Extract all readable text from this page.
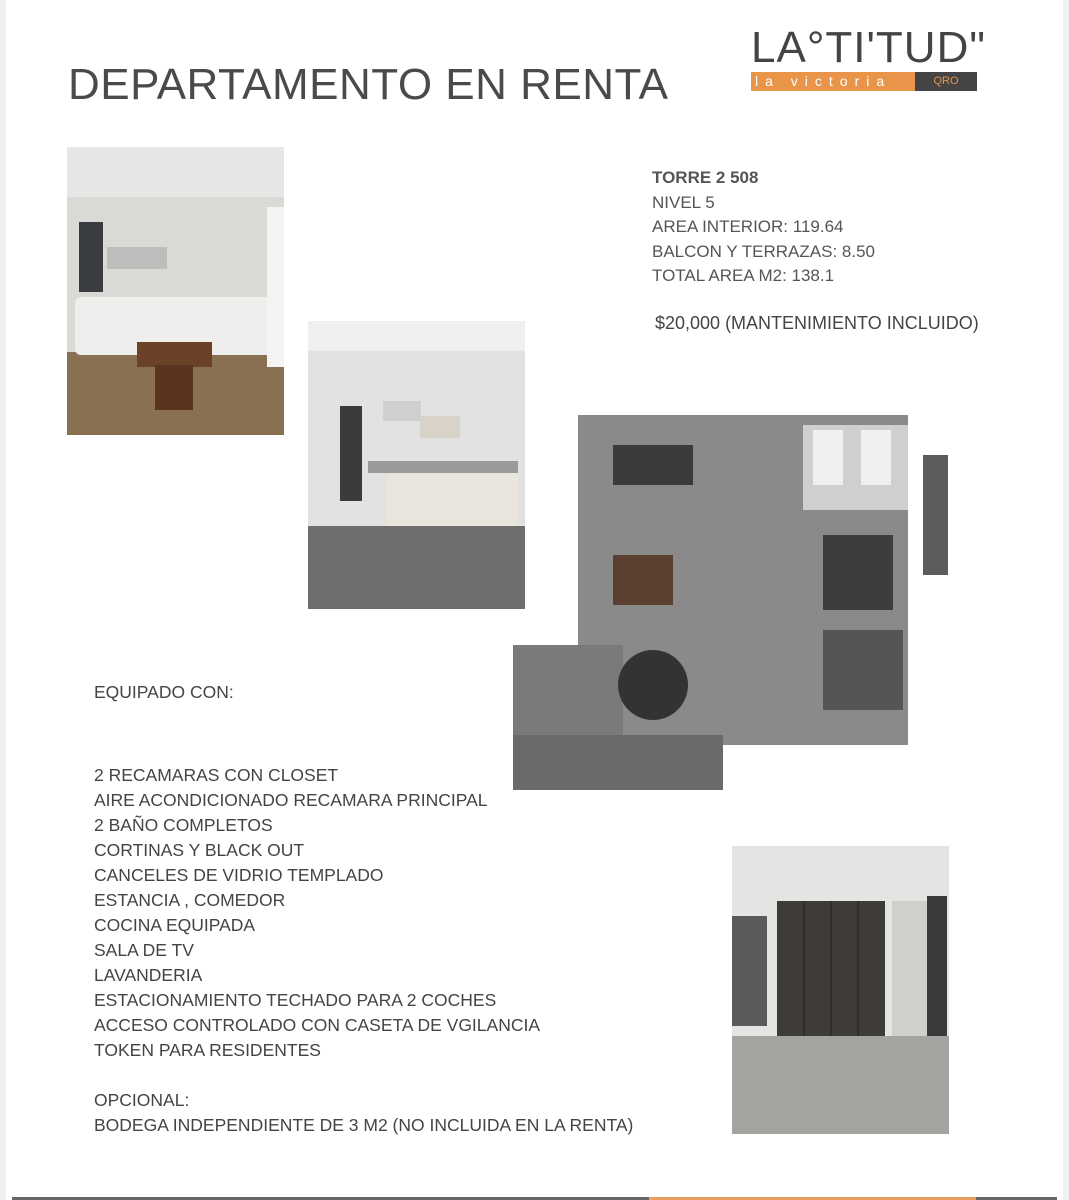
DEPARTAMENTO EN RENTA
LA°TI'TUD"
la victoria	QRO
TORRE 2 508
NIVEL 5
AREA INTERIOR: 119.64
BALCON Y TERRAZAS: 8.50
TOTAL AREA M2: 138.1
$20,000 (MANTENIMIENTO INCLUIDO)
EQUIPADO CON:
2 RECAMARAS CON CLOSET
AIRE ACONDICIONADO RECAMARA PRINCIPAL
2 BAÑO COMPLETOS
CORTINAS Y BLACK OUT
CANCELES DE VIDRIO TEMPLADO
ESTANCIA , COMEDOR
COCINA EQUIPADA
SALA DE TV
LAVANDERIA
ESTACIONAMIENTO TECHADO PARA 2 COCHES
ACCESO CONTROLADO CON CASETA DE VGILANCIA
TOKEN PARA RESIDENTES
OPCIONAL:
BODEGA INDEPENDIENTE DE 3 M2 (NO INCLUIDA EN LA RENTA)
